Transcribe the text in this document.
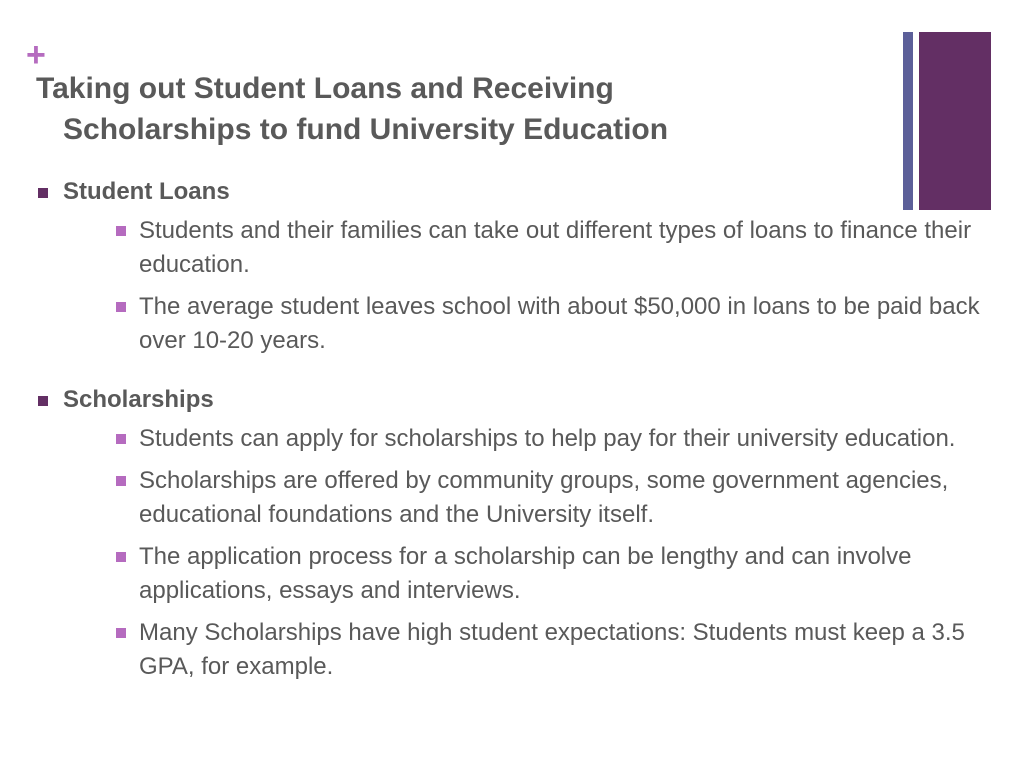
+
Taking out Student Loans and Receiving
Scholarships to fund University Education
Student Loans
Students and their families can take out different types of loans to finance their education.
The average student leaves school with about $50,000 in loans to be paid back over 10-20 years.
Scholarships
Students can apply for scholarships to help pay for their university education.
Scholarships are offered by community groups, some government agencies, educational foundations and the University itself.
The application process for a scholarship can be lengthy and can involve applications, essays and interviews.
Many Scholarships have high student expectations: Students must keep a 3.5 GPA, for example.
